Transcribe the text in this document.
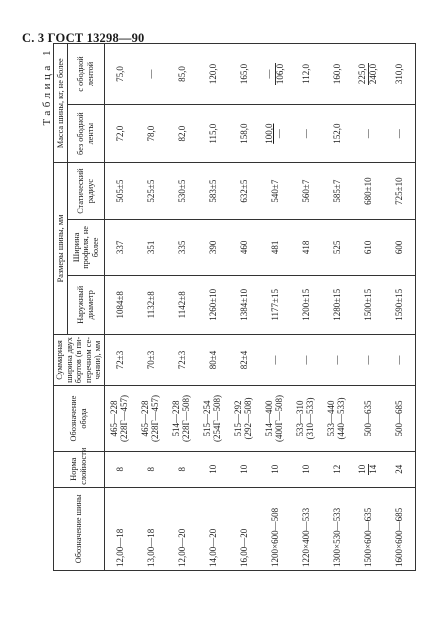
С. 3 ГОСТ 13298—90
Таблица 1
Обозначение шины	Норма слойности	Обозначение обода	Суммарная ширина двух бортов (в пи-перечном се-чении), мм	Размеры шины, мм			Масса шины, кг, не более	
				Наружный диаметр	Ширина профиля, не более	Статический радиус	без ободной ленты	с ободной лентой
12,00—18	8	465—228 (228Г—457)	72±3	1084±8	337	505±5	72,0	75,0
13,00—18	8	465—228 (228Г—457)	70±3	1132±8	351	525±5	78,0	—
12,00—20	8	514—228 (228Г—508)	72±3	1142±8	335	530±5	82,0	85,0
14,00—20	10	515—254 (254Г—508)	80±4	1260±10	390	583±5	115,0	120,0
16,00—20	10	515—292 (292—508)	82±4	1384±10	460	632±5	158,0	165,0
1200×600—508	10	514—400 (400Г—508)	—	1177±15	481	540±7	100,0 —	— 106,0

1220×400—533	10	533—310 (310—533)	—	1200±15	418	560±7	—	112,0
1300×530—533	12	533—440 (440—533)	—	1280±15	525	585±7	152,0	160,0
1500×600—635	10 14	500—635	—	1500±15	610	680±10	—	225,0 240,0

1600×600—685	24	500—685	—	1590±15	600	725±10	—	310,0
